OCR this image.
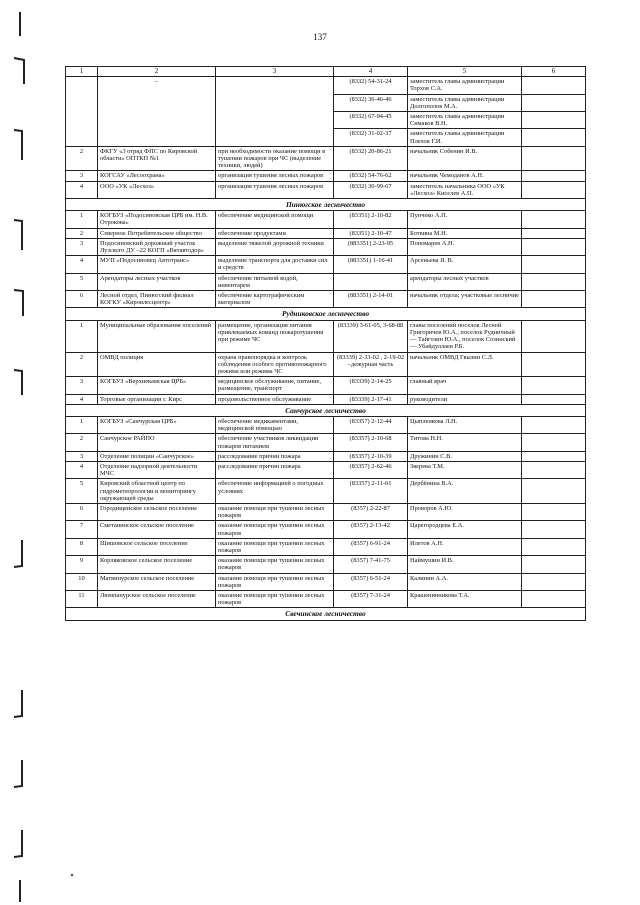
137
1	2	3	4	5	6

	–		(8332) 54-31-24	заместитель главы администрации Торхов С.А.	
			(8332) 36-46-46	заместитель главы администрации Долгополов М.А.	
			(8332) 67-94-45	заместитель главы администрации Симаков В.Н.	
			(8332) 31-02-37	заместитель главы администрации Плехов Г.И.	
2	ФКГУ «3 отряд ФПС по Кировской области» ОПТКП №1	при необходимости оказание помощи в тушении пожаров при ЧС (выделение техники, людей)	(8332) 20-86-21	начальник Собенин И.В.	
3	КОГСАУ «Лесоохрана»	организация тушения лесных пожаров	(8332) 54-76-62	начальник Чемоданов А.Н.	
4	ООО «УК «Лесхоз»	организация тушения лесных пожаров	(8332) 30-99-67	заместитель начальника ООО «УК «Лесхоз» Киселев А.П.	
Пинюгское лесничество					
1	КОГБУЗ «Подосиновская ЦРБ им. Н.В. Отрокова»	обеспечение медицинской помощи	(83351) 2-10-82	Пунчеко А.П.	
2	Северное Потребительское общество	обеспечение продуктами	(83351) 2-10-47	Ботвина М.Н.	
3	Подосиновский дорожный участок Лузского ДУ –22 КОГП «Вятавтодор»	выделение тяжелой дорожной техники	(883351) 2-23-95	Пономарев А.Н.	
4	МУП «Подосиновец Автотранс»	выделение транспорта для доставки сил и средств	(883351) 1-16-41	Арсеньева Я. В.	
5	Арендаторы лесных участков	обеспечение питьевой водой, инвентарем		арендаторы лесных участков	
6	Лесной отдел, Пинюгский филиал КОГКУ «Кировлесцентр»	обеспечение картографическим материалом	(883351) 2-14-01	начальник отдела; участковые лесничие	
Рудниковское лесничество					
1	Муниципальные образования поселений	размещение, организация питания привлекаемых команд пожаротушения при режиме ЧС	(83339) 3-61-05, 3-68-88	главы поселений поселок Лесной Григоричев Ю.А., поселок Рудничный — Тайгозин Ю.А., поселок Созинский — Убайдуллаев Р.Б.	
2	ОМВД полиция	охрана правопорядка и контроль соблюдения особого противопожарного режима или режима ЧС	(83339) 2-33-02 , 2-19-02 –дежурная часть	начальник ОМВД Гвызин С.Л.	
3	КОГБУЗ «Верхнекамская ЦРБ»	медицинское обслуживание, питание, размещение, транспорт	(83339) 2-14-25	главный врач	
4	Торговые организации г. Кирс	продовольственное обслуживание	(83339) 2-17-41	руководители	
Санчурское лесничество					
1	КОГБУЗ «Санчурская ЦРБ»	обеспечение медикаментами, медицинской помощью	(83357) 2-12-44	Цыпленкова Л.Н.	
2	Санчурское РАЙПО	обеспечение участников ликвидации пожаров питанием	(83357) 2-10-68	Титова Н.Н.	
3	Отделение полиции «Санчурское»	расследование причин пожара	(83357) 2-10-39	Дружинин С.В.	
4	Отделение надзорной деятельности МЧС	расследование причин пожара	(83357) 2-62-46	Зверева Т.М.	
5	Кировский областной центр по гидрометеорологии и мониторингу окружающей среды	обеспечение информацией о погодных условиях	(83357) 2-11-61	Дербёнина В.А.	
6	Городищенское сельское поселение	оказание помощи при тушении лесных пожаров	(8357) 2-22-87	Проворов А.Ю.	
7	Сметанинское сельское поселение	оказание помощи при тушении лесных пожаров	(8357) 2-13-42	Царегородцева Е.А.	
8	Шишовское сельское поселение	оказание помощи при тушении лесных пожаров	(8357) 6-91-24	Илетов А.Н.	
9	Корляковское сельское поселение	оказание помощи при тушении лесных пожаров	(8357) 7-41-75	Наймушин И.В.	
10	Матвинурское сельское поселение	оказание помощи при тушении лесных пожаров	(8357) 6-51-24	Калинин А.А.	
11	Люмпанурское сельское поселение	оказание помощи при тушении лесных пожаров	(8357) 7-31-24	Крашенинникова Т.А.	
Свечинское лесничество					
